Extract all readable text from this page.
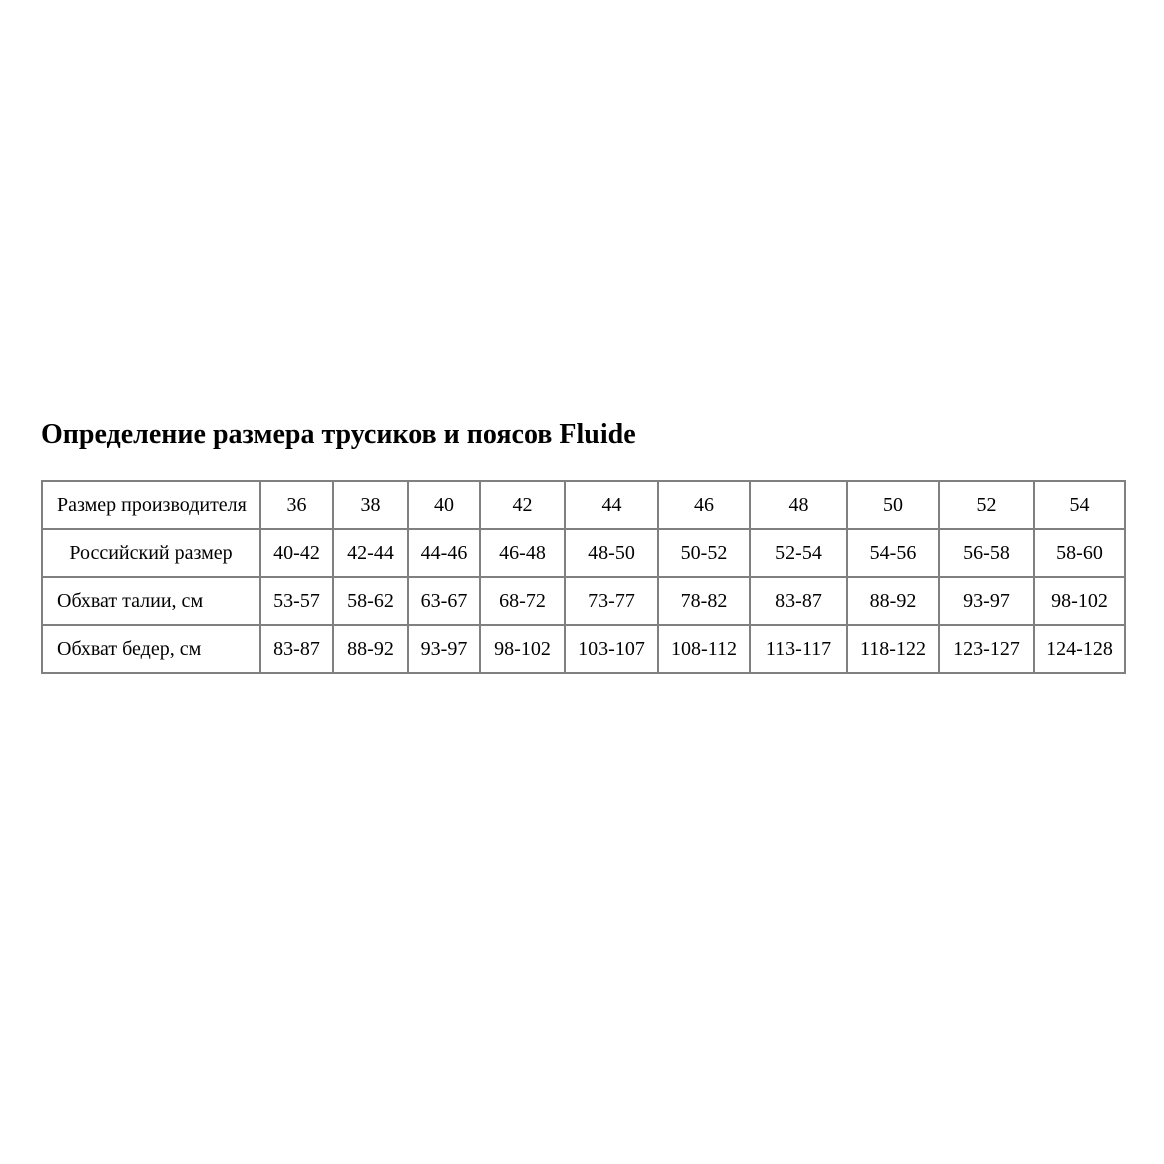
Определение размера трусиков и поясов Fluide
Размер производителя	36	38	40	42	44	46	48	50	52	54
Российский размер	40-42	42-44	44-46	46-48	48-50	50-52	52-54	54-56	56-58	58-60
Обхват талии, см	53-57	58-62	63-67	68-72	73-77	78-82	83-87	88-92	93-97	98-102
Обхват бедер, см	83-87	88-92	93-97	98-102	103-107	108-112	113-117	118-122	123-127	124-128
